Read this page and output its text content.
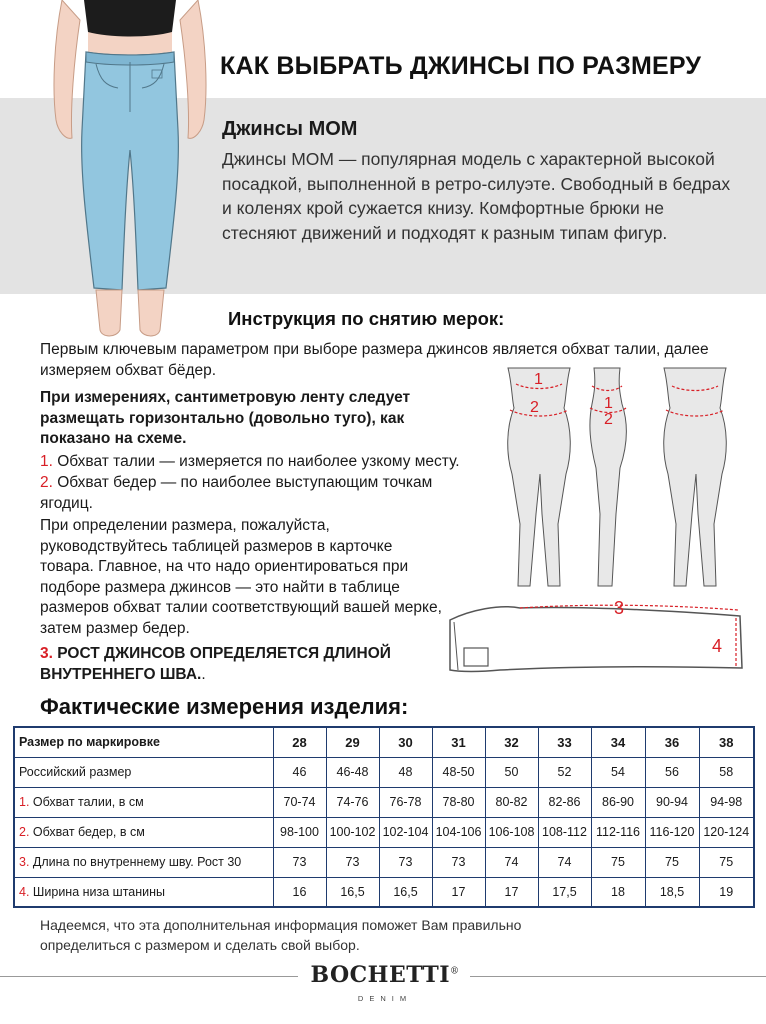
КАК ВЫБРАТЬ ДЖИНСЫ ПО РАЗМЕРУ
Джинсы MOM
Джинсы MOM — популярная модель с характерной высокой посадкой, выполненной в ретро-силуэте. Свободный в бедрах и коленях крой сужается книзу. Комфортные брюки не стесняют движений и подходят к разным типам фигур.
Инструкция по снятию мерок:
Первым ключевым параметром при выборе размера джинсов является обхват талии, далее измеряем обхват бёдер.
При измерениях, сантиметровую ленту следует размещать горизонтально (довольно туго), как показано на схеме.
1. Обхват талии — измеряется по наиболее узкому месту.
2. Обхват бедер — по наиболее выступающим точкам ягодиц.
При определении размера, пожалуйста, руководствуйтесь таблицей размеров в карточке товара. Главное, на что надо ориентироваться при подборе размера джинсов — это найти в таблице размеров обхват талии соответствующий вашей мерке, затем размер бедер.
3. РОСТ ДЖИНСОВ ОПРЕДЕЛЯЕТСЯ ДЛИНОЙ ВНУТРЕННЕГО ШВА..
1
2	1
2
3
4
Фактические измерения изделия:
Размер по маркировке	28	29	30	31	32	33	34	36	38
Российский размер	46	46-48	48	48-50	50	52	54	56	58
1. Обхват талии, в см	70-74	74-76	76-78	78-80	80-82	82-86	86-90	90-94	94-98
2. Обхват бедер, в см	98-100	100-102	102-104	104-106	106-108	108-112	112-116	116-120	120-124
3. Длина по внутреннему шву. Рост 30	73	73	73	73	74	74	75	75	75
4. Ширина низа штанины	16	16,5	16,5	17	17	17,5	18	18,5	19
Надеемся, что эта дополнительная информация поможет Вам правильно определиться с размером и сделать свой выбор.
BOCHETTI®
DENIM
